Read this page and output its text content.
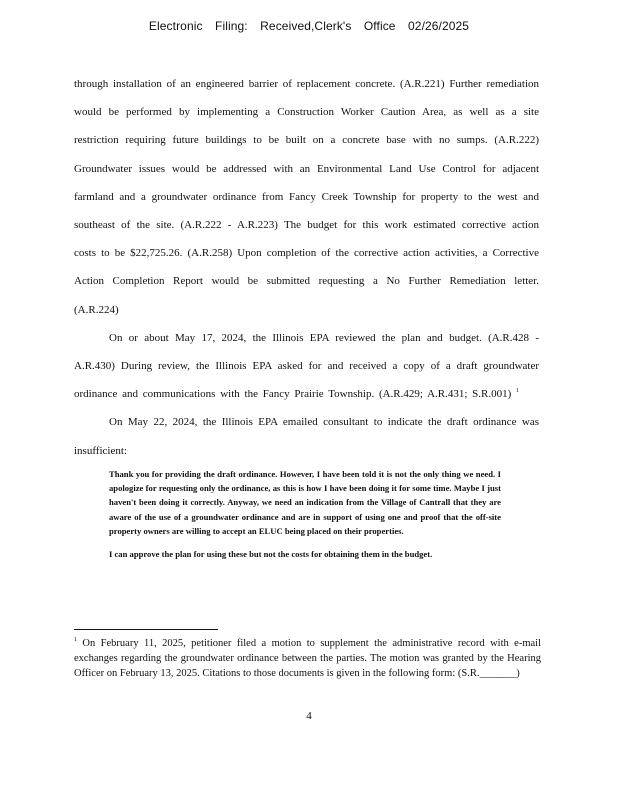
Electronic Filing: Received,Clerk's Office 02/26/2025

through installation of an engineered barrier of replacement concrete. (A.R.221) Further remediation would be performed by implementing a Construction Worker Caution Area, as well as a site restriction requiring future buildings to be built on a concrete base with no sumps. (A.R.222) Groundwater issues would be addressed with an Environmental Land Use Control for adjacent farmland and a groundwater ordinance from Fancy Creek Township for property to the west and southeast of the site. (A.R.222 - A.R.223) The budget for this work estimated corrective action costs to be $22,725.26. (A.R.258) Upon completion of the corrective action activities, a Corrective Action Completion Report would be submitted requesting a No Further Remediation letter. (A.R.224)

On or about May 17, 2024, the Illinois EPA reviewed the plan and budget. (A.R.428 - A.R.430) During review, the Illinois EPA asked for and received a copy of a draft groundwater ordinance and communications with the Fancy Prairie Township. (A.R.429; A.R.431; S.R.001) $^1$

On May 22, 2024, the Illinois EPA emailed consultant to indicate the draft ordinance was insufficient:

Thank you for providing the draft ordinance. However, I have been told it is not the only thing we need. I apologize for requesting only the ordinance, as this is how I have been doing it for some time. Maybe I just haven't been doing it correctly. Anyway, we need an indication from the Village of Cantrall that they are aware of the use of a groundwater ordinance and are in support of using one and proof that the off-site property owners are willing to accept an ELUC being placed on their properties.

I can approve the plan for using these but not the costs for obtaining them in the budget.

$^1$ On February 11, 2025, petitioner filed a motion to supplement the administrative record with e-mail exchanges regarding the groundwater ordinance between the parties. The motion was granted by the Hearing Officer on February 13, 2025. Citations to those documents is given in the following form: (S.R._______)
4
